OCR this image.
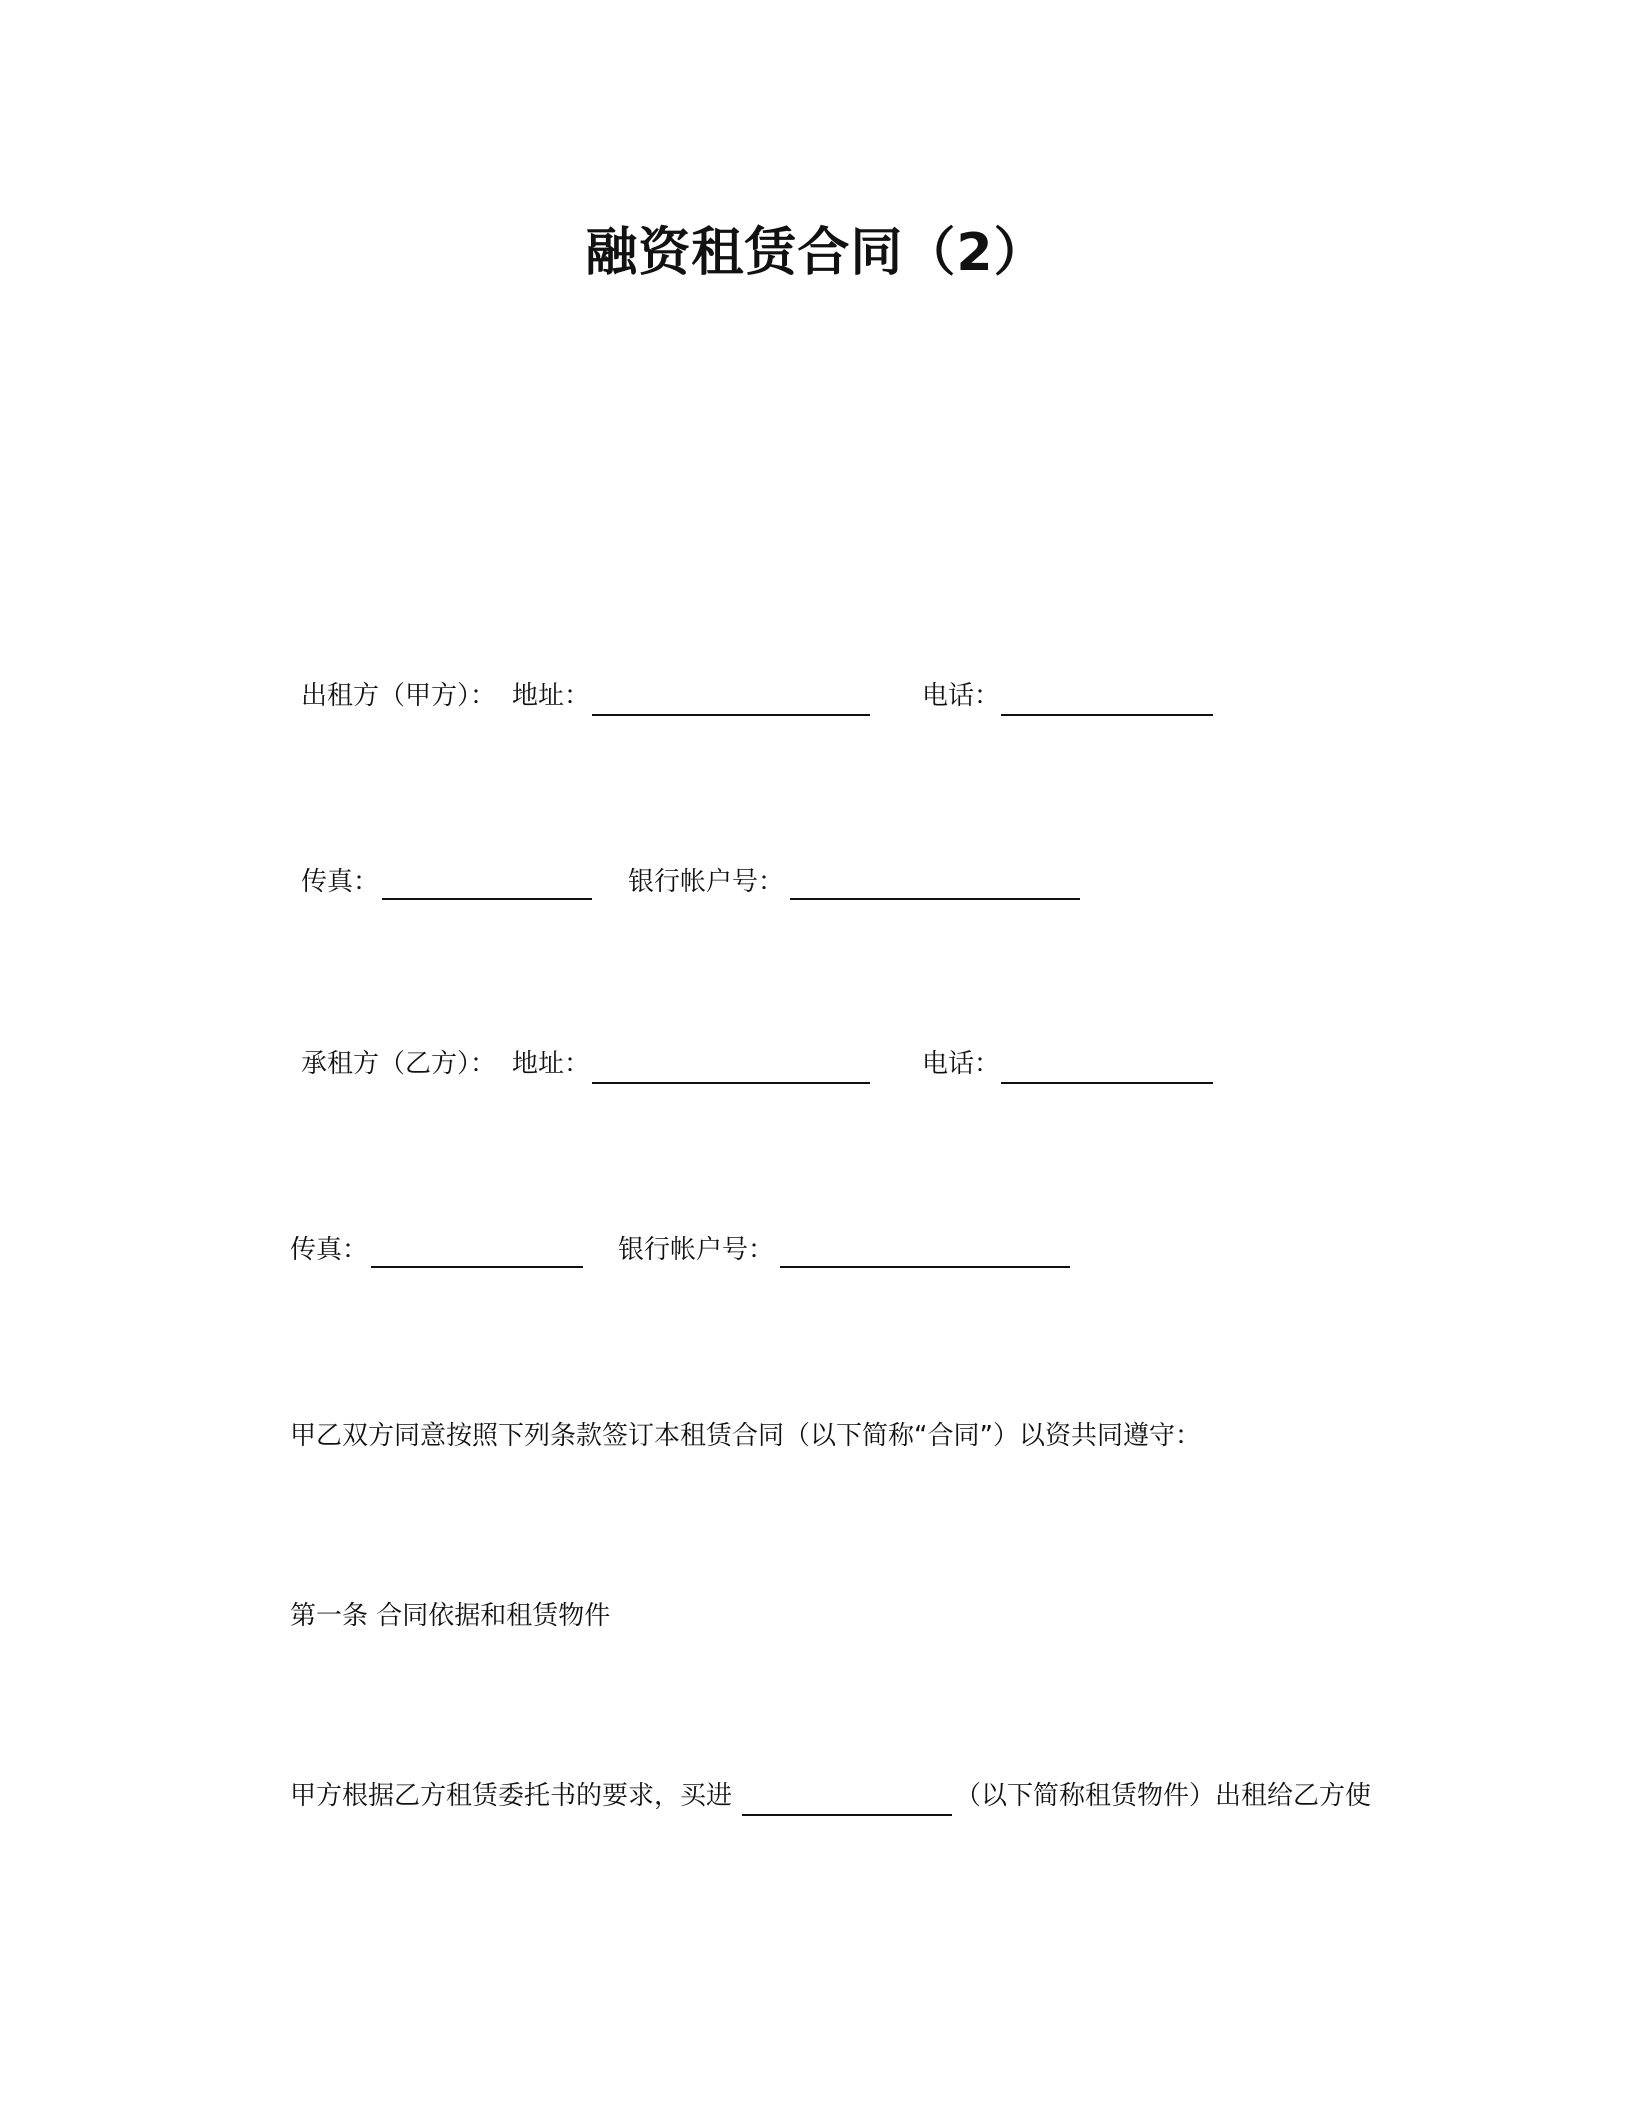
融资租赁合同（2）
出租方（甲方）： 地址：	电话：
传真：	银行帐户号：
承租方（乙方）： 地址：	电话：
传真：	银行帐户号：
甲乙双方同意按照下列条款签订本租赁合同（以下简称“合同”）以资共同遵守：
第一条 合同依据和租赁物件
甲方根据乙方租赁委托书的要求，买进	（以下简称租赁物件）出租给乙方使
